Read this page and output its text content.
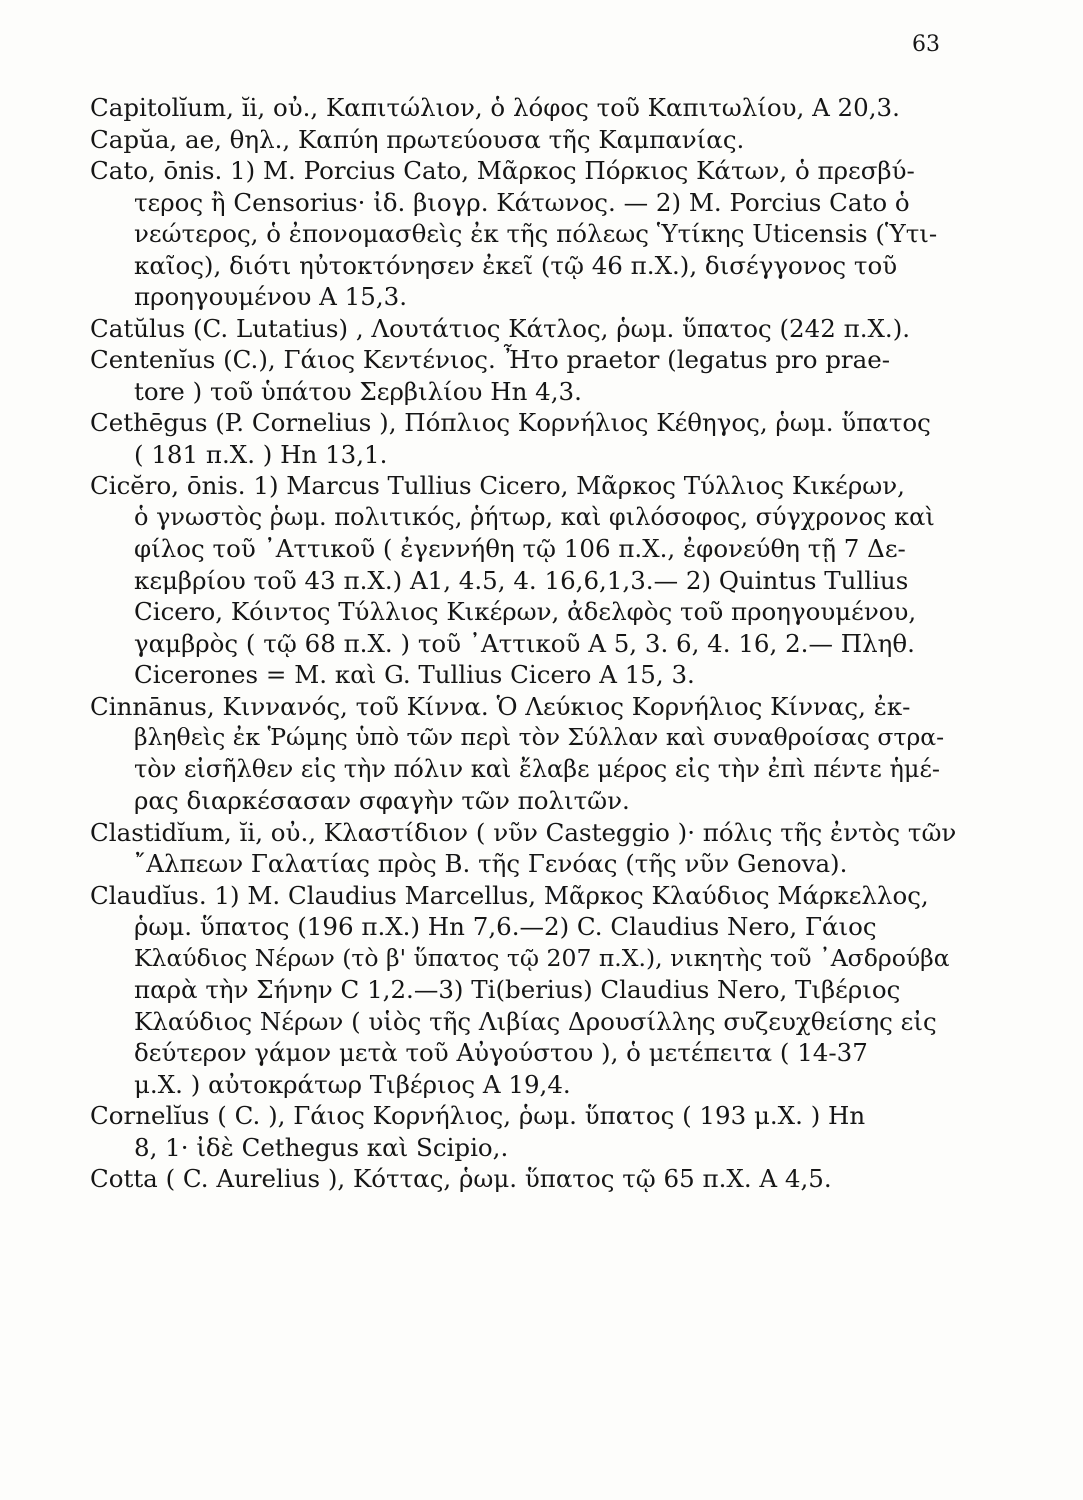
63
Capitolĭum, ĭi, oὐ., Καπιτώλιον, ὁ λόφος τοῦ Καπιτωλίου, A 20,3.
Capŭa, ae, θηλ., Καπύη πρωτεύουσα τῆς Καμπανίας.
Cato, ōnis. 1) M. Porcius Cato, Μᾶρκος Πόρκιος Κάτων, ὁ πρεσβύ-
τερος ἢ Censorius· ἰδ. βιογρ. Κάτωνος. — 2) M. Porcius Cato ὁ
νεώτερος, ὁ ἐπονομασθεὶς ἐκ τῆς πόλεως Ὑτίκης Uticensis (Ὑτι-
καῖος), διότι ηὐτοκτόνησεν ἐκεῖ (τῷ 46 π.X.), δισέγγονος τοῦ
προηγουμένου A 15,3.
Catŭlus (C. Lutatius) , Λουτάτιος Κάτλος, ῥωμ. ὕπατος (242 π.X.).
Centenĭus (C.), Γάιος Κεντένιος. Ἦτο praetor (legatus pro prae-
tore ) τοῦ ὑπάτου Σερβιλίου Hn 4,3.
Cethēgus (P. Cornelius ), Πόπλιος Κορνήλιος Κέθηγος, ῥωμ. ὕπατος
( 181 π.X. ) Hn 13,1.
Cicĕro, ōnis. 1) Marcus Tullius Cicero, Μᾶρκος Τύλλιος Κικέρων,
ὁ γνωστὸς ῥωμ. πολιτικός, ῥήτωρ, καὶ φιλόσοφος, σύγχρονος καὶ
φίλος τοῦ ᾽Αττικοῦ ( ἐγεννήθη τῷ 106 π.X., ἐφονεύθη τῇ 7 Δε-
κεμβρίου τοῦ 43 π.X.) A1, 4.5, 4. 16,6,1,3.— 2) Quintus Tullius
Cicero, Κόιντος Τύλλιος Κικέρων, ἀδελφὸς τοῦ προηγουμένου,
γαμβρὸς ( τῷ 68 π.X. ) τοῦ ᾽Αττικοῦ A 5, 3. 6, 4. 16, 2.— Πληθ.
Cicerones = M. καὶ G. Tullius Cicero A 15, 3.
Cinnānus, Κιννανός, τοῦ Κίννα. Ὁ Λεύκιος Κορνήλιος Κίννας, ἐκ-
βληθεὶς ἐκ Ῥώμης ὑπὸ τῶν περὶ τὸν Σύλλαν καὶ συναθροίσας στρα-
τὸν εἰσῆλθεν εἰς τὴν πόλιν καὶ ἔλαβε μέρος εἰς τὴν ἐπὶ πέντε ἡμέ-
ρας διαρκέσασαν σφαγὴν τῶν πολιτῶν.
Clastidĭum, ĭi, oὐ., Κλαστίδιον ( νῦν Casteggio )· πόλις τῆς ἐντὸς τῶν
῎Αλπεων Γαλατίας πρὸς B. τῆς Γενόας (τῆς νῦν Genova).
Claudĭus. 1) M. Claudius Marcellus, Μᾶρκος Κλαύδιος Μάρκελλος,
ῥωμ. ὕπατος (196 π.X.) Hn 7,6.—2) C. Claudius Nero, Γάιος
Κλαύδιος Νέρων (τὸ β' ὕπατος τῷ 207 π.X.), νικητὴς τοῦ ᾽Ασδρούβα
παρὰ τὴν Σήνην C 1,2.—3) Ti(berius) Claudius Nero, Τιβέριος
Κλαύδιος Νέρων ( υἱὸς τῆς Λιβίας Δρουσίλλης συζευχθείσης εἰς
δεύτερον γάμον μετὰ τοῦ Αὐγούστου ), ὁ μετέπειτα ( 14-37
μ.X. ) αὐτοκράτωρ Τιβέριος A 19,4.
Cornelĭus ( C. ), Γάιος Κορνήλιος, ῥωμ. ὕπατος ( 193 μ.X. ) Hn
8, 1· ἰδὲ Cethegus καὶ Scipio,.
Cotta ( C. Aurelius ), Κόττας, ῥωμ. ὕπατος τῷ 65 π.X. A 4,5.
